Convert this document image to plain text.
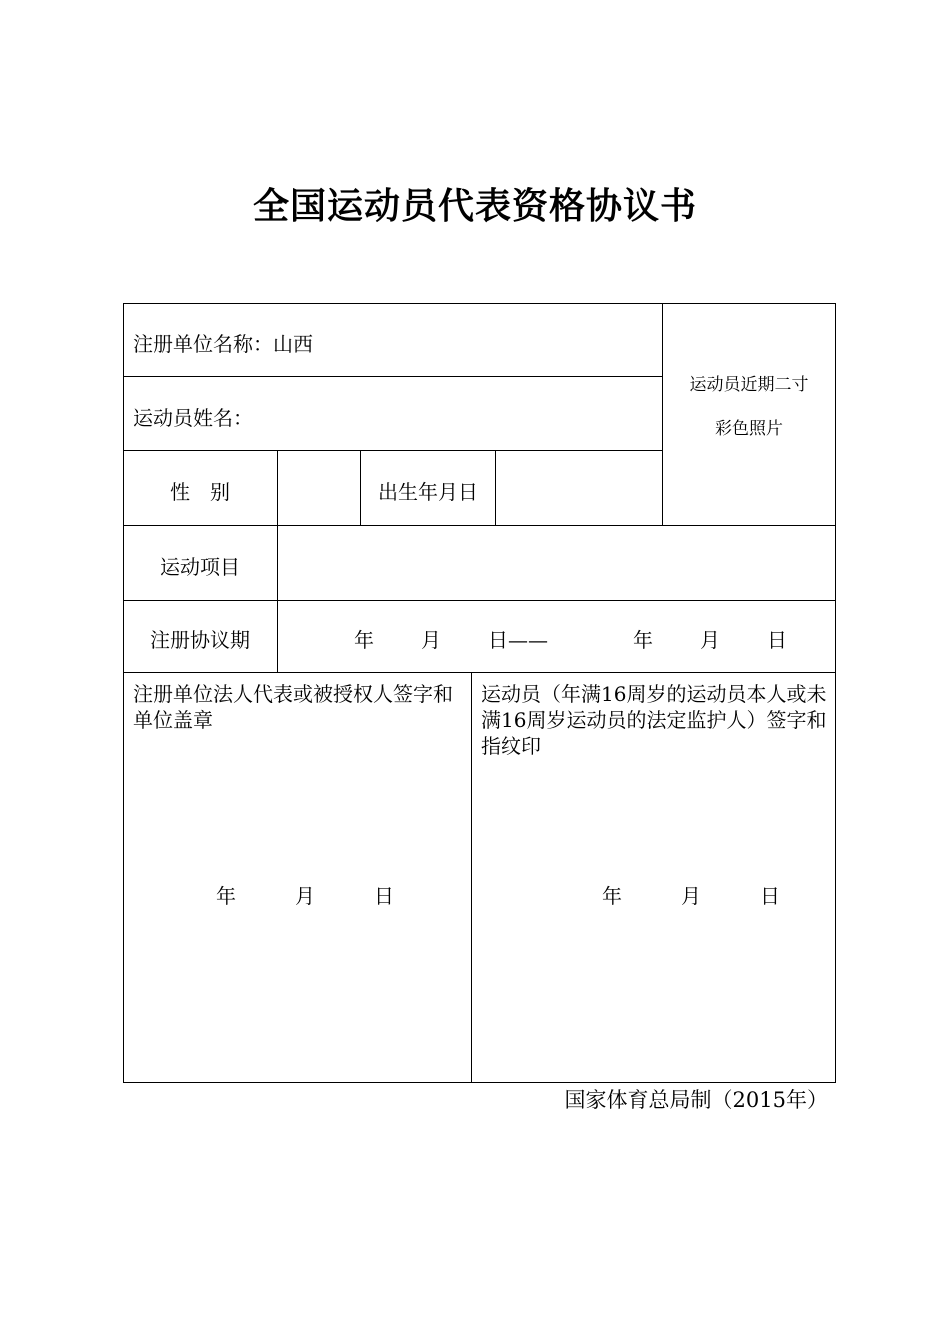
全国运动员代表资格协议书
注册单位名称：山西
运动员姓名：
运动员近期二寸
彩色照片
性　别	出生年月日
运动项目
注册协议期	年 月 日——	年 月 日
注册单位法人代表或被授权人签字和单位盖章
年	月	日
运动员（年满16周岁的运动员本人或未满16周岁运动员的法定监护人）签字和指纹印
年	月	日
国家体育总局制（2015年）
